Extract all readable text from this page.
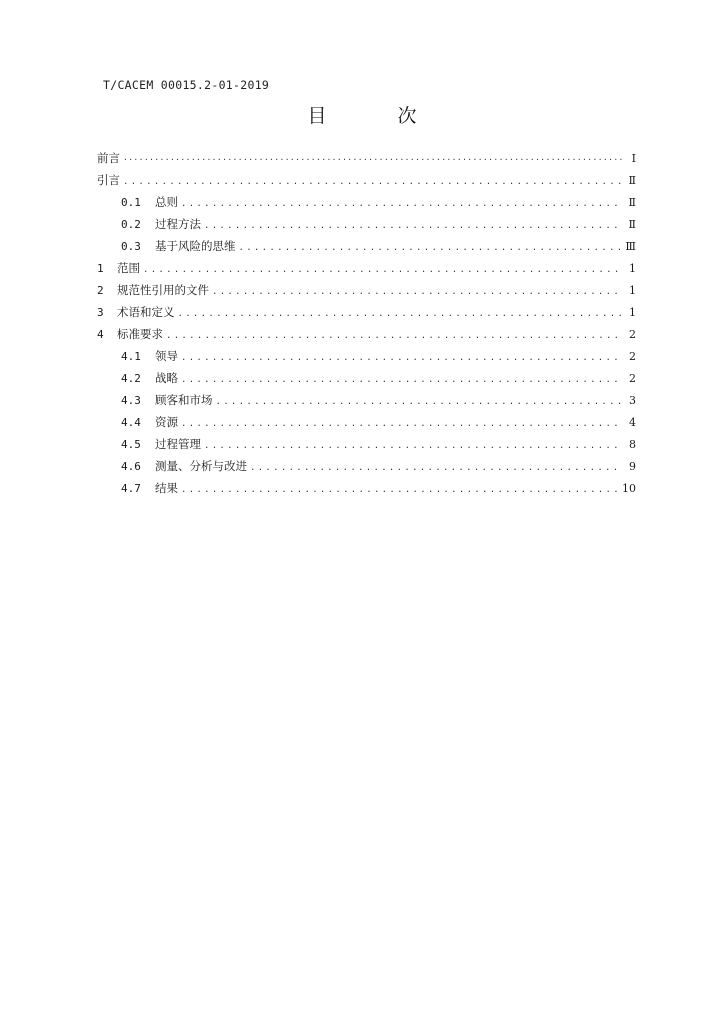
T/CACEM 00015.2-01-2019
目　次
前言 ·····	Ⅰ
引言 .....	Ⅱ
0.1	总则 .....	Ⅱ
0.2	过程方法 .....	Ⅱ
0.3	基于风险的思维 .....	Ⅲ
1	范围 .....	1
2	规范性引用的文件 .....	1
3	术语和定义 .....	1
4	标准要求 .....	2
4.1	领导 .....	2
4.2	战略 .....	2
4.3	顾客和市场 .....	3
4.4	资源 .....	4
4.5	过程管理 .....	8
4.6	测量、分析与改进 .....	9
4.7	结果 .....	10
